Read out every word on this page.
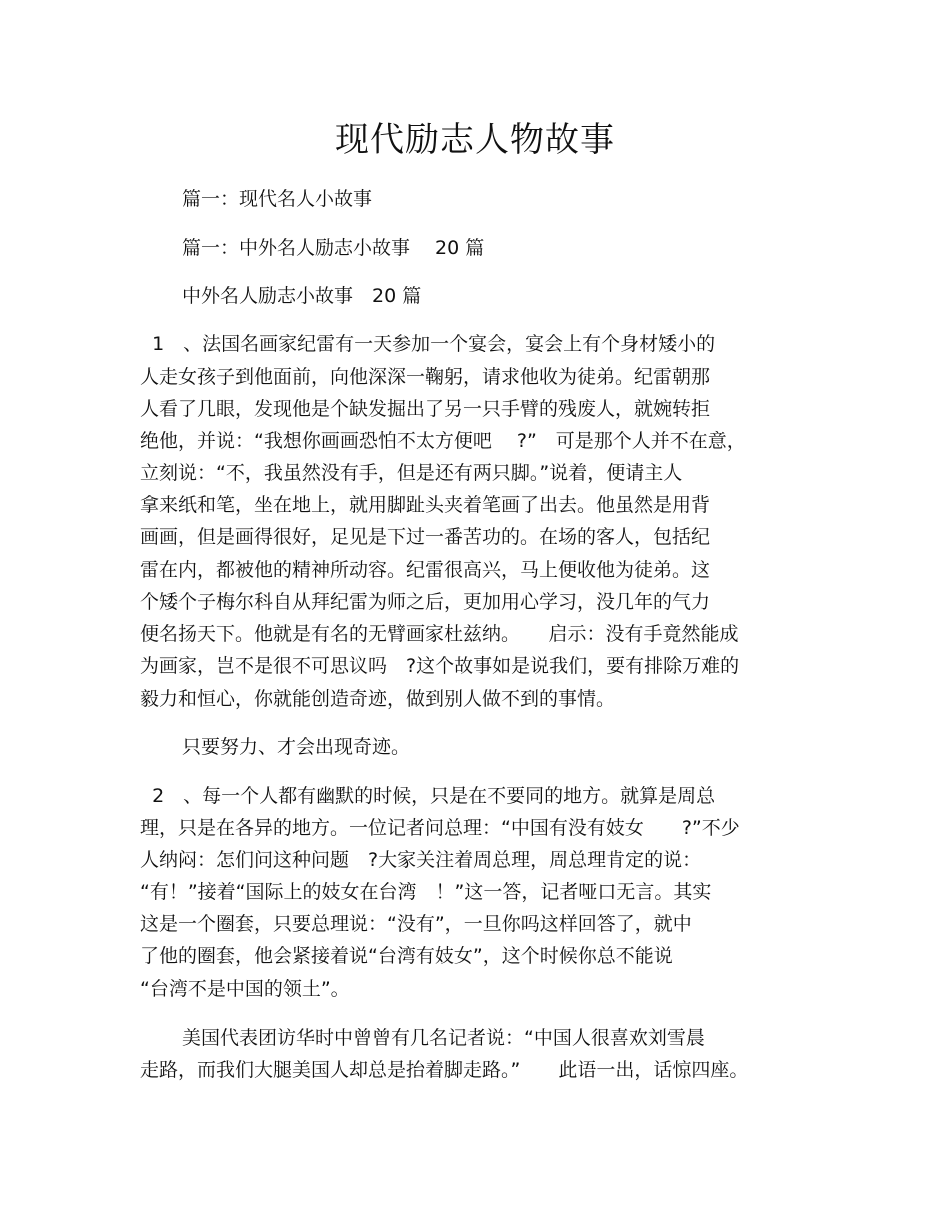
现代励志人物故事
篇一：现代名人小故事
篇一：中外名人励志小故事　 20 篇
中外名人励志小故事　20 篇
1　、法国名画家纪雷有一天参加一个宴会，宴会上有个身材矮小的
人走女孩子到他面前，向他深深一鞠躬，请求他收为徒弟。纪雷朝那
人看了几眼，发现他是个缺发掘出了另一只手臂的残废人，就婉转拒
绝他，并说：“我想你画画恐怕不太方便吧　 ?”　可是那个人并不在意，
立刻说：“不，我虽然没有手，但是还有两只脚。”说着，便请主人
拿来纸和笔，坐在地上，就用脚趾头夹着笔画了出去。他虽然是用背
画画，但是画得很好，足见是下过一番苦功的。在场的客人，包括纪
雷在内，都被他的精神所动容。纪雷很高兴，马上便收他为徒弟。这
个矮个子梅尔科自从拜纪雷为师之后，更加用心学习，没几年的气力
便名扬天下。他就是有名的无臂画家杜兹纳。　　启示：没有手竟然能成
为画家，岂不是很不可思议吗　?这个故事如是说我们，要有排除万难的
毅力和恒心，你就能创造奇迹，做到别人做不到的事情。
只要努力、才会出现奇迹。
2　、每一个人都有幽默的时候，只是在不要同的地方。就算是周总
理，只是在各异的地方。一位记者问总理：“中国有没有妓女　　?”不少
人纳闷：怎们问这种问题　?大家关注着周总理，周总理肯定的说：
“有！”接着“国际上的妓女在台湾　！”这一答，记者哑口无言。其实
这是一个圈套，只要总理说：“没有”，一旦你吗这样回答了，就中
了他的圈套，他会紧接着说“台湾有妓女”，这个时候你总不能说
“台湾不是中国的领土”。
美国代表团访华时中曾曾有几名记者说：“中国人很喜欢刘雪晨
走路，而我们大腿美国人却总是抬着脚走路。”　　此语一出，话惊四座。
